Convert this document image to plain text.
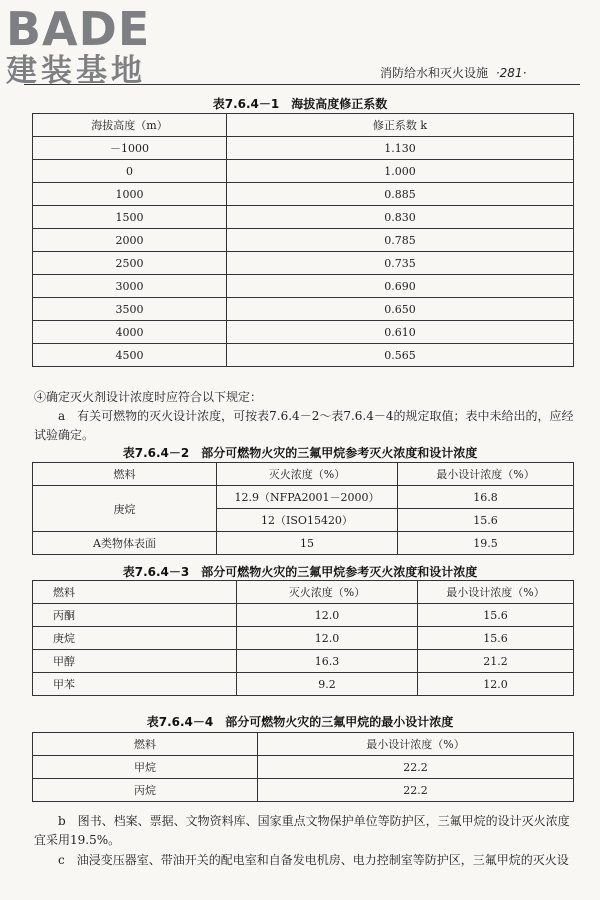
BADE
建装基地	消防给水和灭火设施 ·281·
表7.6.4－1　海拔高度修正系数
海拔高度（m）	修正系数 k
－1000	1.130
0	1.000
1000	0.885
1500	0.830
2000	0.785
2500	0.735
3000	0.690
3500	0.650
4000	0.610
4500	0.565
④确定灭火剂设计浓度时应符合以下规定：
a　有关可燃物的灭火设计浓度，可按表7.6.4－2～表7.6.4－4的规定取值；表中未给出的，应经试验确定。
表7.6.4－2　部分可燃物火灾的三氟甲烷参考灭火浓度和设计浓度
燃料	灭火浓度（%）	最小设计浓度（%）
庚烷	12.9（NFPA2001－2000）	16.8
	12（ISO15420）	15.6
A类物体表面	15	19.5
表7.6.4－3　部分可燃物火灾的三氟甲烷参考灭火浓度和设计浓度
燃料	灭火浓度（%）	最小设计浓度（%）
丙酮	12.0	15.6
庚烷	12.0	15.6
甲醇	16.3	21.2
甲苯	9.2	12.0
表7.6.4－4　部分可燃物火灾的三氟甲烷的最小设计浓度
燃料	最小设计浓度（%）
甲烷	22.2
丙烷	22.2
b　图书、档案、票据、文物资料库、国家重点文物保护单位等防护区，三氟甲烷的设计灭火浓度宜采用19.5%。
c　油浸变压器室、带油开关的配电室和自备发电机房、电力控制室等防护区，三氟甲烷的灭火设
